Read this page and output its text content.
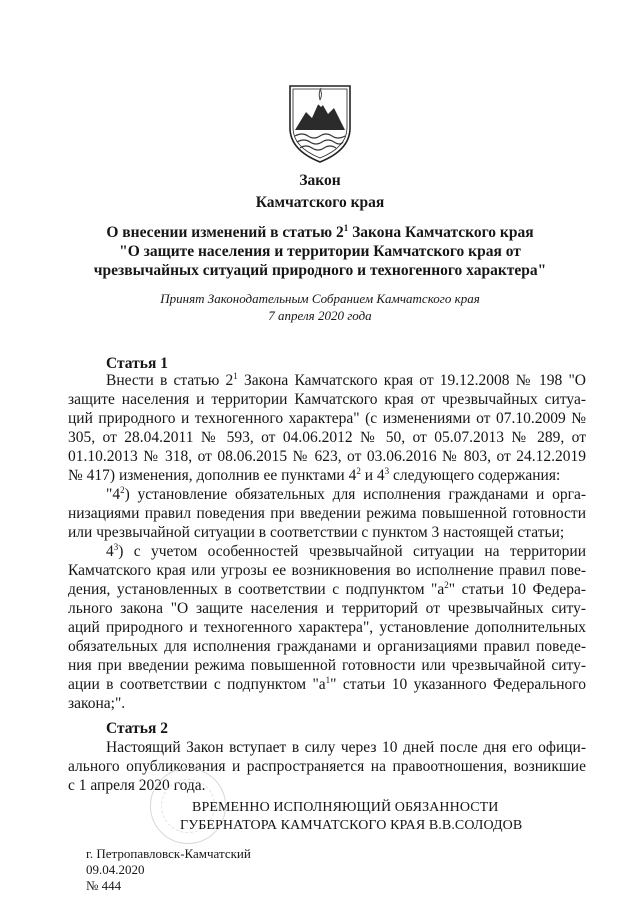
Закон
Камчатского края
О внесении изменений в статью $2^1$ Закона Камчатского края
"О защите населения и территории Камчатского края от
чрезвычайных ситуаций природного и техногенного характера"
Принят Законодательным Собранием Камчатского края
7 апреля 2020 года
Статья 1
Внести в статью $2^1$ Закона Камчатского края от 19.12.2008 № 198 "О
защите населения и территории Камчатского края от чрезвычайных ситуа-
ций природного и техногенного характера" (с изменениями от 07.10.2009 №
305, от 28.04.2011 № 593, от 04.06.2012 № 50, от 05.07.2013 № 289, от
01.10.2013 № 318, от 08.06.2015 № 623, от 03.06.2016 № 803, от 24.12.2019
№ 417) изменения, дополнив ее пунктами $4^2$ и $4^3$ следующего содержания:
"$4^2$) установление обязательных для исполнения гражданами и орга-
низациями правил поведения при введении режима повышенной готовности
или чрезвычайной ситуации в соответствии с пунктом 3 настоящей статьи;
$4^3$) с учетом особенностей чрезвычайной ситуации на территории
Камчатского края или угрозы ее возникновения во исполнение правил пове-
дения, установленных в соответствии с подпунктом "$а^2$" статьи 10 Федера-
льного закона "О защите населения и территорий от чрезвычайных ситу-
аций природного и техногенного характера", установление дополнительных
обязательных для исполнения гражданами и организациями правил поведе-
ния при введении режима повышенной готовности или чрезвычайной ситу-
ации в соответствии с подпунктом "$а^1$" статьи 10 указанного Федерального
закона;".
Статья 2
Настоящий Закон вступает в силу через 10 дней после дня его офици-
ального опубликования и распространяется на правоотношения, возникшие
с 1 апреля 2020 года.
ВРЕМЕННО ИСПОЛНЯЮЩИЙ ОБЯЗАННОСТИ
ГУБЕРНАТОРА КАМЧАТСКОГО КРАЯ В.В.СОЛОДОВ
г. Петропавловск-Камчатский
09.04.2020
№ 444
